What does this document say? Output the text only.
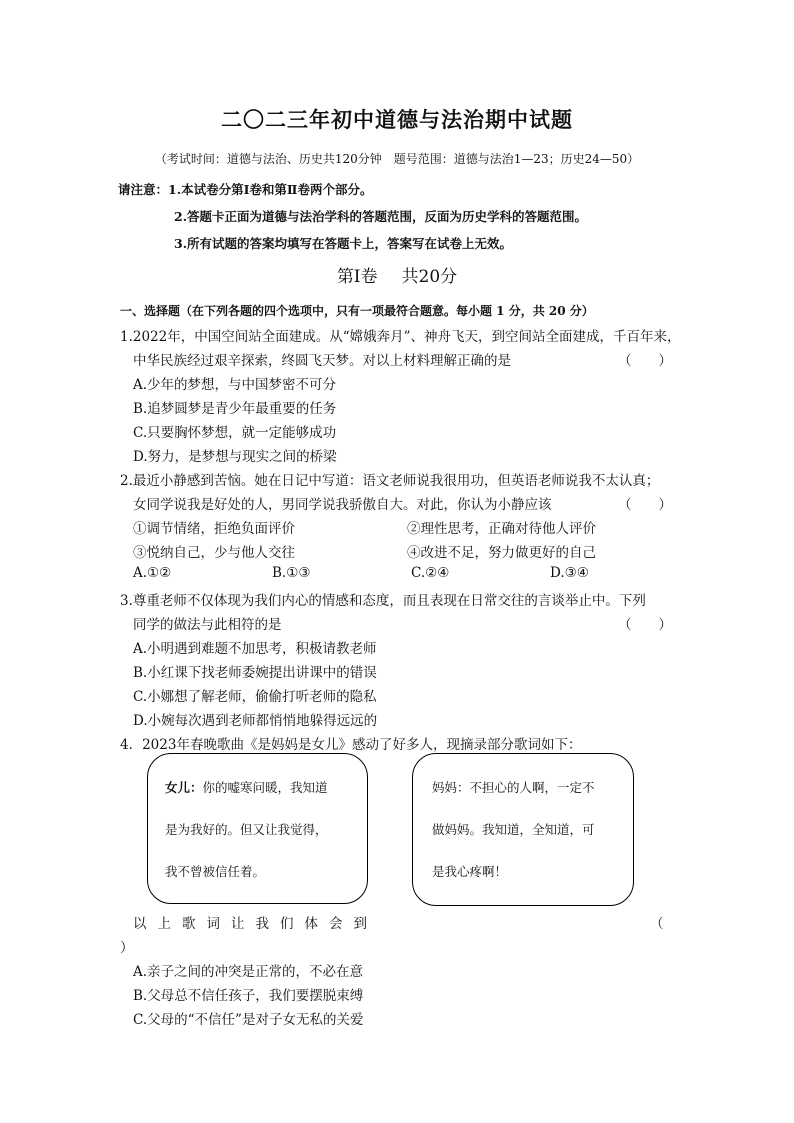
二〇二三年初中道德与法治期中试题
（考试时间：道德与法治、历史共120分钟　题号范围：道德与法治1—23；历史24—50）
请注意：1.本试卷分第Ⅰ卷和第Ⅱ卷两个部分。
2.答题卡正面为道德与法治学科的答题范围，反面为历史学科的答题范围。
3.所有试题的答案均填写在答题卡上，答案写在试卷上无效。
第Ⅰ卷 共20分
一、选择题（在下列各题的四个选项中，只有一项最符合题意。每小题 1 分，共 20 分）
1.2022年，中国空间站全面建成。从“嫦娥奔月”、神舟飞天，到空间站全面建成，千百年来，
中华民族经过艰辛探索，终圆飞天梦。对以上材料理解正确的是	（　　）
A.少年的梦想，与中国梦密不可分
B.追梦圆梦是青少年最重要的任务
C.只要胸怀梦想，就一定能够成功
D.努力，是梦想与现实之间的桥梁
2.最近小静感到苦恼。她在日记中写道：语文老师说我很用功，但英语老师说我不太认真；
女同学说我是好处的人，男同学说我骄傲自大。对此，你认为小静应该	（　　）
①调节情绪，拒绝负面评价	②理性思考，正确对待他人评价
③悦纳自己，少与他人交往	④改进不足，努力做更好的自己
A.①②	B.①③	C.②④	D.③④
3.尊重老师不仅体现为我们内心的情感和态度，而且表现在日常交往的言谈举止中。下列
同学的做法与此相符的是	（　　）
A.小明遇到难题不加思考，积极请教老师
B.小红课下找老师委婉提出讲课中的错误
C.小娜想了解老师，偷偷打听老师的隐私
D.小婉每次遇到老师都悄悄地躲得远远的
4．2023年春晚歌曲《是妈妈是女儿》感动了好多人，现摘录部分歌词如下：
女儿：你的嘘寒问暖，我知道
是为我好的。但又让我觉得，
我不曾被信任着。
妈妈：不担心的人啊，一定不
做妈妈。我知道，全知道，可
是我心疼啊！
以上歌词让我们体会到	（
）
A.亲子之间的冲突是正常的，不必在意
B.父母总不信任孩子，我们要摆脱束缚
C.父母的“不信任”是对子女无私的关爱
